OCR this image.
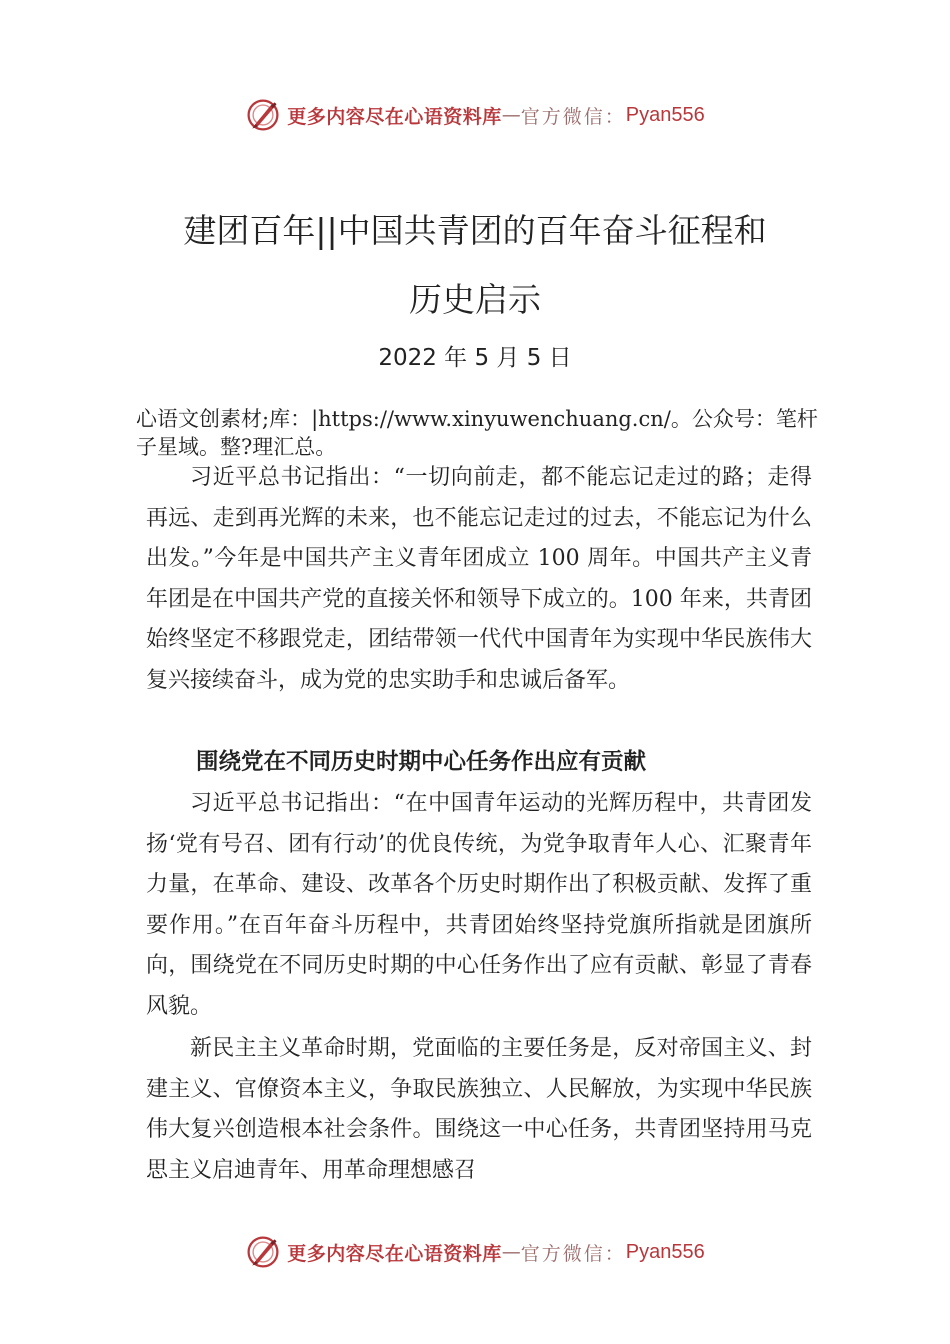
更多内容尽在心语资料库 — 官方微信： Pyan556
建团百年||中国共青团的百年奋斗征程和
历史启示
2022 年 5 月 5 日
心语文创素材;库：|https://www.xinyuwenchuang.cn/。公众号：笔杆子星域。整?理汇总。

习近平总书记指出：“一切向前走，都不能忘记走过的路；走得再远、走到再光辉的未来，也不能忘记走过的过去，不能忘记为什么出发。”今年是中国共产主义青年团成立 100 周年。中国共产主义青年团是在中国共产党的直接关怀和领导下成立的。100 年来，共青团始终坚定不移跟党走，团结带领一代代中国青年为实现中华民族伟大复兴接续奋斗，成为党的忠实助手和忠诚后备军。

围绕党在不同历史时期中心任务作出应有贡献

习近平总书记指出：“在中国青年运动的光辉历程中，共青团发扬‘党有号召、团有行动’的优良传统，为党争取青年人心、汇聚青年力量，在革命、建设、改革各个历史时期作出了积极贡献、发挥了重要作用。”在百年奋斗历程中，共青团始终坚持党旗所指就是团旗所向，围绕党在不同历史时期的中心任务作出了应有贡献、彰显了青春风貌。

新民主主义革命时期，党面临的主要任务是，反对帝国主义、封建主义、官僚资本主义，争取民族独立、人民解放，为实现中华民族伟大复兴创造根本社会条件。围绕这一中心任务，共青团坚持用马克思主义启迪青年、用革命理想感召

更多内容尽在心语资料库 — 官方微信： Pyan556
